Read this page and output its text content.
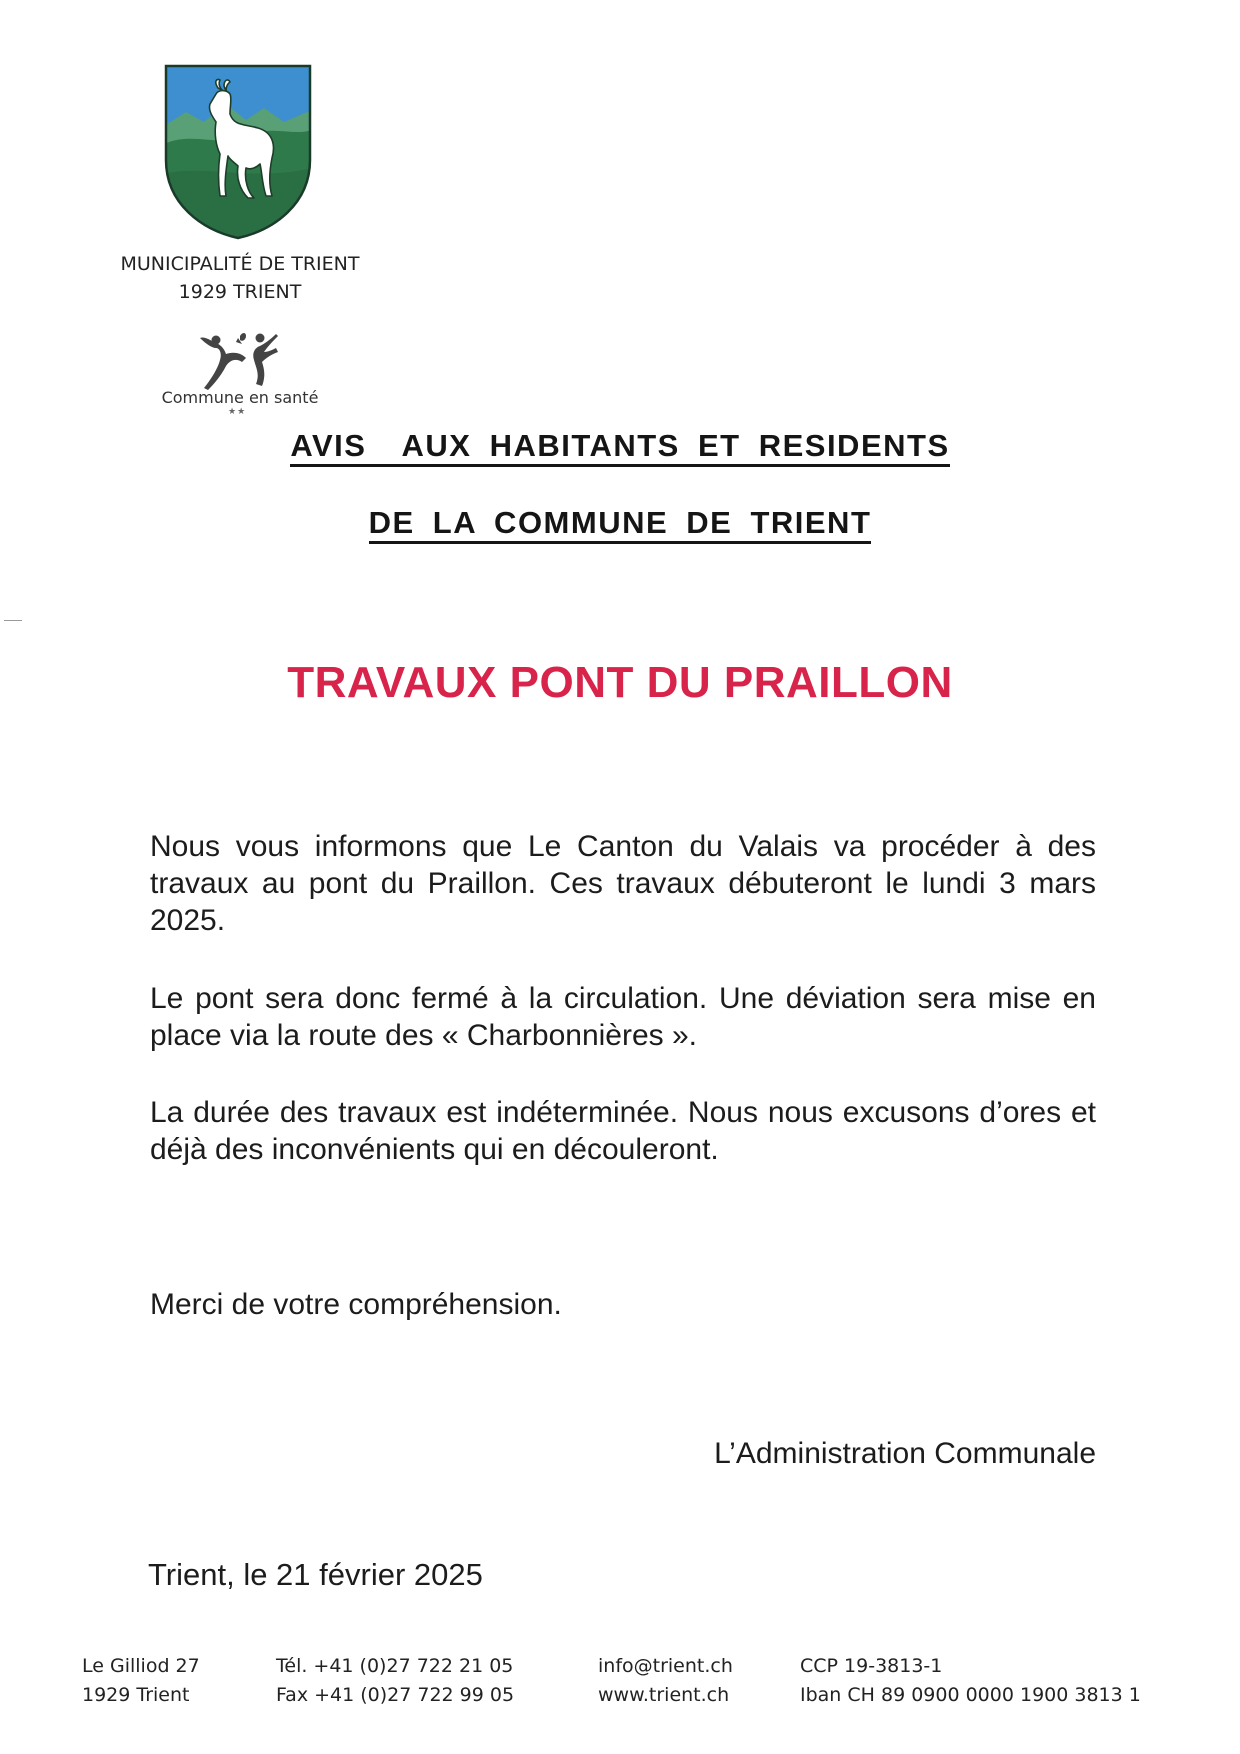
MUNICIPALITÉ DE TRIENT
1929 TRIENT
Commune en santé
★★
AVIS  AUX HABITANTS ET RESIDENTS
DE LA COMMUNE DE TRIENT
TRAVAUX PONT DU PRAILLON
Nous vous informons que Le Canton du Valais va procéder à des travaux au pont du Praillon. Ces travaux débuteront le lundi 3 mars 2025.
Le pont sera donc fermé à la circulation. Une déviation sera mise en place via la route des « Charbonnières ».
La durée des travaux est indéterminée. Nous nous excusons d’ores et déjà des inconvénients qui en découleront.
Merci de votre compréhension.
L’Administration Communale
Trient, le 21 février 2025
Le Gilliod 27
1929 Trient
Tél. +41 (0)27 722 21 05
Fax +41 (0)27 722 99 05
info@trient.ch
www.trient.ch
CCP 19-3813-1
Iban CH 89 0900 0000 1900 3813 1
